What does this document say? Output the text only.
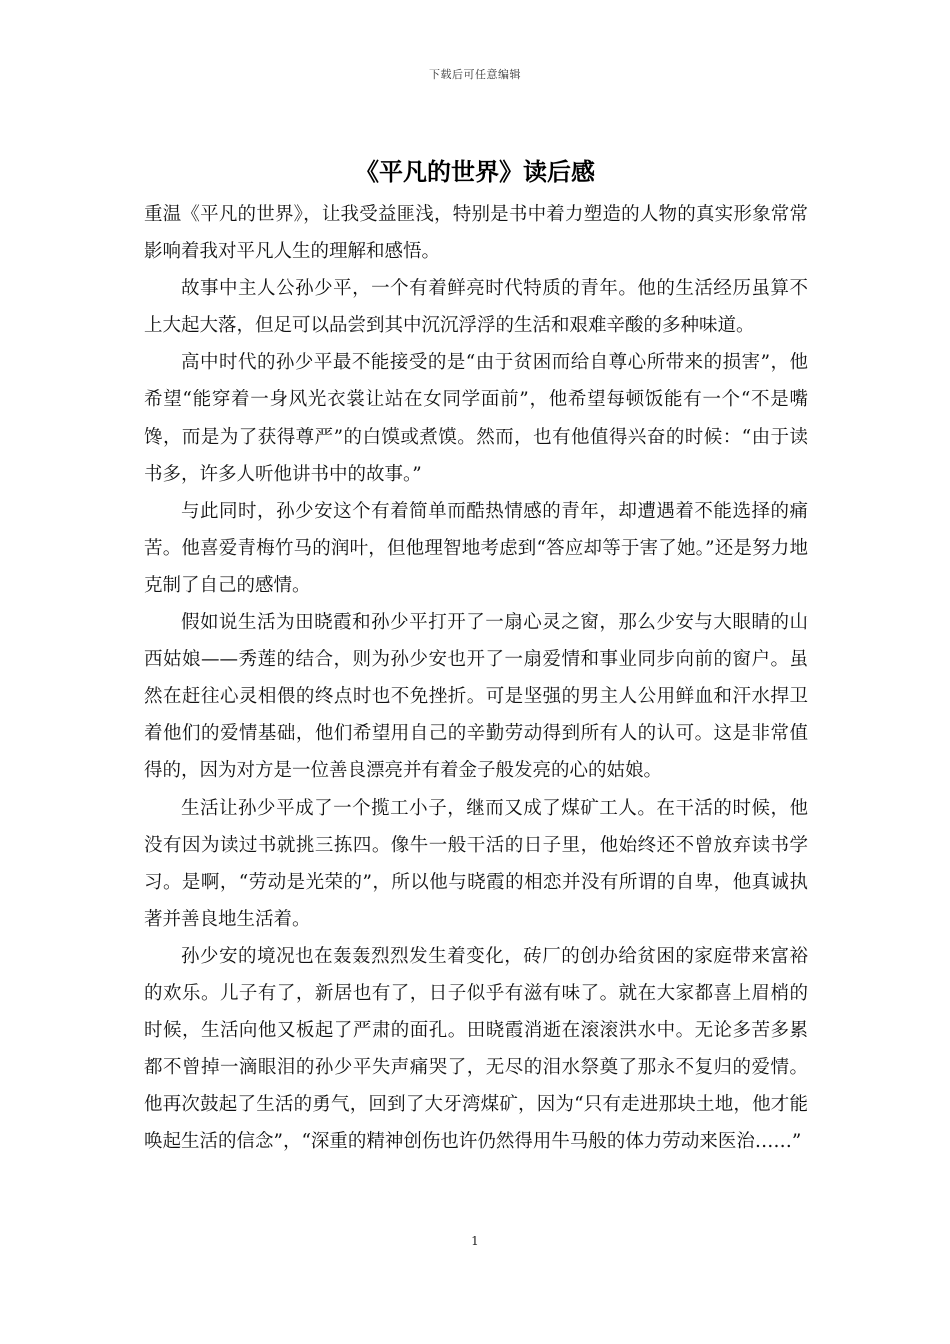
下载后可任意编辑
《平凡的世界》读后感

重温《平凡的世界》，让我受益匪浅，特别是书中着力塑造的人物的真实形象常常影响着我对平凡人生的理解和感悟。

故事中主人公孙少平，一个有着鲜亮时代特质的青年。他的生活经历虽算不上大起大落，但足可以品尝到其中沉沉浮浮的生活和艰难辛酸的多种味道。

高中时代的孙少平最不能接受的是“由于贫困而给自尊心所带来的损害”，他希望“能穿着一身风光衣裳让站在女同学面前”，他希望每顿饭能有一个“不是嘴馋，而是为了获得尊严”的白馍或煮馍。然而，也有他值得兴奋的时候：“由于读书多，许多人听他讲书中的故事。”

与此同时，孙少安这个有着简单而酷热情感的青年，却遭遇着不能选择的痛苦。他喜爱青梅竹马的润叶，但他理智地考虑到“答应却等于害了她。”还是努力地克制了自己的感情。

假如说生活为田晓霞和孙少平打开了一扇心灵之窗，那么少安与大眼睛的山西姑娘——秀莲的结合，则为孙少安也开了一扇爱情和事业同步向前的窗户。虽然在赶往心灵相偎的终点时也不免挫折。可是坚强的男主人公用鲜血和汗水捍卫着他们的爱情基础，他们希望用自己的辛勤劳动得到所有人的认可。这是非常值得的，因为对方是一位善良漂亮并有着金子般发亮的心的姑娘。

生活让孙少平成了一个揽工小子，继而又成了煤矿工人。在干活的时候，他没有因为读过书就挑三拣四。像牛一般干活的日子里，他始终还不曾放弃读书学习。是啊，“劳动是光荣的”，所以他与晓霞的相恋并没有所谓的自卑，他真诚执著并善良地生活着。

孙少安的境况也在轰轰烈烈发生着变化，砖厂的创办给贫困的家庭带来富裕的欢乐。儿子有了，新居也有了，日子似乎有滋有味了。就在大家都喜上眉梢的时候，生活向他又板起了严肃的面孔。田晓霞消逝在滚滚洪水中。无论多苦多累都不曾掉一滴眼泪的孙少平失声痛哭了，无尽的泪水祭奠了那永不复归的爱情。他再次鼓起了生活的勇气，回到了大牙湾煤矿，因为“只有走进那块土地，他才能唤起生活的信念”，“深重的精神创伤也许仍然得用牛马般的体力劳动来医治……”

1
